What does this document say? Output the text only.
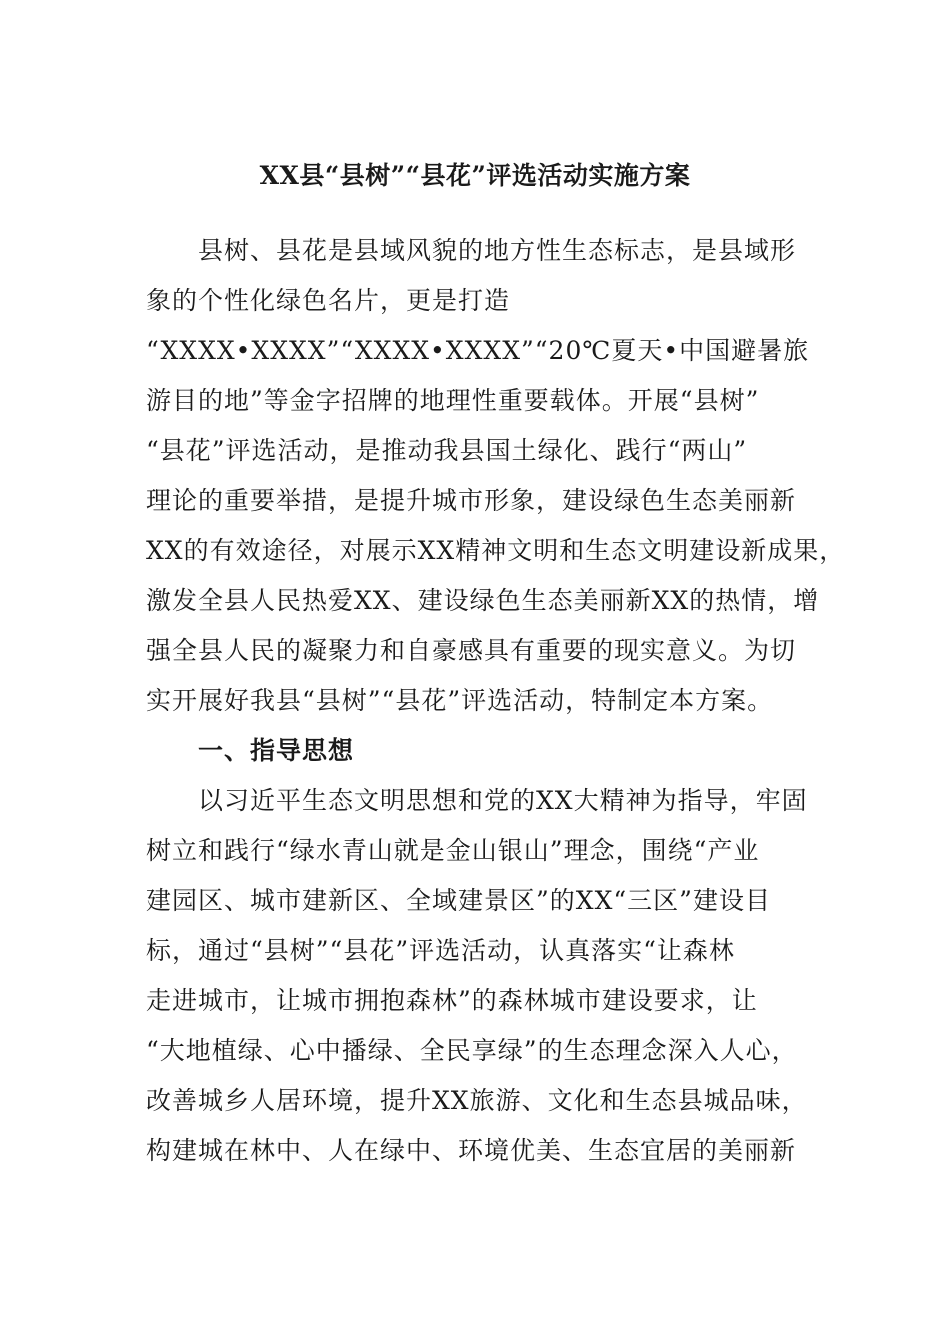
XX县“县树”“县花”评选活动实施方案
县树、县花是县域风貌的地方性生态标志，是县域形
象的个性化绿色名片，更是打造
“XXXX•XXXX”“XXXX•XXXX”“20℃夏天•中国避暑旅
游目的地”等金字招牌的地理性重要载体。开展“县树”
“县花”评选活动，是推动我县国土绿化、践行“两山”
理论的重要举措，是提升城市形象，建设绿色生态美丽新
XX的有效途径，对展示XX精神文明和生态文明建设新成果，
激发全县人民热爱XX、建设绿色生态美丽新XX的热情，增
强全县人民的凝聚力和自豪感具有重要的现实意义。为切
实开展好我县“县树”“县花”评选活动，特制定本方案。
一、指导思想
以习近平生态文明思想和党的XX大精神为指导，牢固
树立和践行“绿水青山就是金山银山”理念，围绕“产业
建园区、城市建新区、全域建景区”的XX“三区”建设目
标，通过“县树”“县花”评选活动，认真落实“让森林
走进城市，让城市拥抱森林”的森林城市建设要求，让
“大地植绿、心中播绿、全民享绿”的生态理念深入人心，
改善城乡人居环境，提升XX旅游、文化和生态县城品味，
构建城在林中、人在绿中、环境优美、生态宜居的美丽新
